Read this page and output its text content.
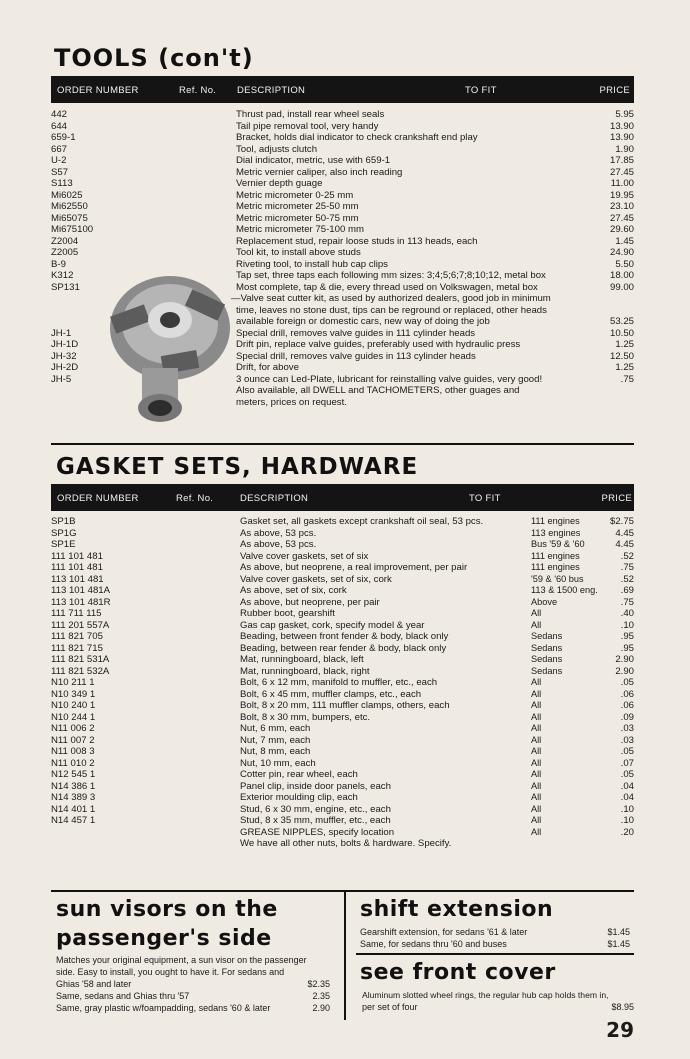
TOOLS (con't)
ORDER NUMBER	Ref. No. DESCRIPTION	TO FIT	PRICE
442	Thrust pad, install rear wheel seals	5.95
644	Tail pipe removal tool, very handy	13.90
659-1	Bracket, holds dial indicator to check crankshaft end play	13.90
667	Tool, adjusts clutch	1.90
U-2	Dial indicator, metric, use with 659-1	17.85
S57	Metric vernier caliper, also inch reading	27.45
S113	Vernier depth guage	11.00
Mi6025	Metric micrometer 0-25 mm	19.95
Mi62550	Metric micrometer 25-50 mm	23.10
Mi65075	Metric micrometer 50-75 mm	27.45
Mi675100	Metric micrometer 75-100 mm	29.60
Z2004	Replacement stud, repair loose studs in 113 heads, each	1.45
Z2005	Tool kit, to install above studs	24.90
B-9	Riveting tool, to install hub cap clips	5.50
K312	Tap set, three taps each following mm sizes: 3;4;5;6;7;8;10;12, metal box	18.00
SP131	Most complete, tap & die, every thread used on Volkswagen, metal box	99.00
—Valve seat cutter kit, as used by authorized dealers, good job in minimum
time, leaves no stone dust, tips can be reground or replaced, other heads
available foreign or domestic cars, new way of doing the job	53.25
JH-1	Special drill, removes valve guides in 111 cylinder heads	10.50
JH-1D	Drift pin, replace valve guides, preferably used with hydraulic press	1.25
JH-32	Special drill, removes valve guides in 113 cylinder heads	12.50
JH-2D	Drift, for above	1.25
JH-5	3 ounce can Led-Plate, lubricant for reinstalling valve guides, very good!	.75
Also available, all DWELL and TACHOMETERS, other guages and
meters, prices on request.
GASKET SETS, HARDWARE
ORDER NUMBER	Ref. No.	DESCRIPTION	TO FIT	PRICE
SP1B	Gasket set, all gaskets except crankshaft oil seal, 53 pcs.	111 engines	$2.75
SP1G	As above, 53 pcs.	113 engines	4.45
SP1E	As above, 53 pcs.	Bus '59 & '60	4.45
111 101 481	Valve cover gaskets, set of six	111 engines	.52
111 101 481	As above, but neoprene, a real improvement, per pair	111 engines	.75
113 101 481	Valve cover gaskets, set of six, cork	'59 & '60 bus	.52
113 101 481A	As above, set of six, cork	113 & 1500 eng. .69
113 101 481R	As above, but neoprene, per pair	Above	.75
111 711 115	Rubber boot, gearshift	All	.40
111 201 557A	Gas cap gasket, cork, specify model & year	All	.10
111 821 705	Beading, between front fender & body, black only	Sedans	.95
111 821 715	Beading, between rear fender & body, black only	Sedans	.95
111 821 531A	Mat, runningboard, black, left	Sedans	2.90
111 821 532A	Mat, runningboard, black, right	Sedans	2.90
N10 211 1	Bolt, 6 x 12 mm, manifold to muffler, etc., each	All	.05
N10 349 1	Bolt, 6 x 45 mm, muffler clamps, etc., each	All	.06
N10 240 1	Bolt, 8 x 20 mm, 111 muffler clamps, others, each	All	.06
N10 244 1	Bolt, 8 x 30 mm, bumpers, etc.	All	.09
N11 006 2	Nut, 6 mm, each	All	.03
N11 007 2	Nut, 7 mm, each	All	.03
N11 008 3	Nut, 8 mm, each	All	.05
N11 010 2	Nut, 10 mm, each	All	.07
N12 545 1	Cotter pin, rear wheel, each	All	.05
N14 386 1	Panel clip, inside door panels, each	All	.04
N14 389 3	Exterior moulding clip, each	All	.04
N14 401 1	Stud, 6 x 30 mm, engine, etc., each	All	.10
N14 457 1	Stud, 8 x 35 mm, muffler, etc., each	All	.10
GREASE NIPPLES, specify location	All	.20
We have all other nuts, bolts & hardware. Specify.
sun visors on the
passenger's side
Matches your original equipment, a sun visor on the passenger
side. Easy to install, you ought to have it. For sedans and
Ghias '58 and later	$2.35
Same, sedans and Ghias thru '57	2.35
Same, gray plastic w/foampadding, sedans '60 & later	2.90
shift extension
Gearshift extension, for sedans '61 & later	$1.45
Same, for sedans thru '60 and buses	$1.45
see front cover
Aluminum slotted wheel rings, the regular hub cap holds them in,
per set of four	$8.95
29
